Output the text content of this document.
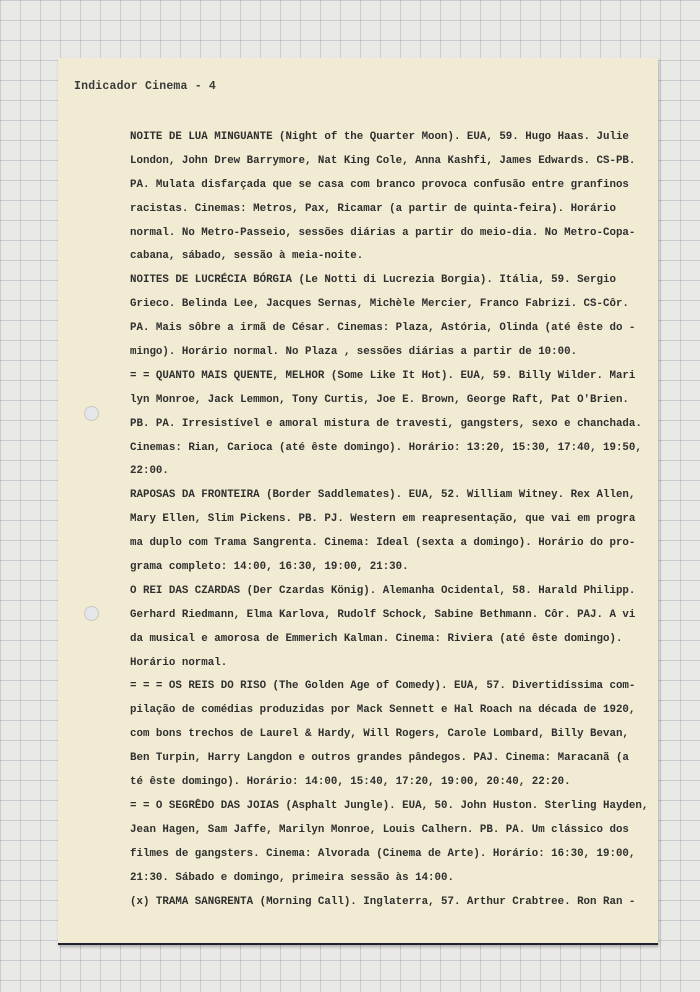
Indicador Cinema - 4
NOITE DE LUA MINGUANTE (Night of the Quarter Moon). EUA, 59. Hugo Haas. Julie
London, John Drew Barrymore, Nat King Cole, Anna Kashfi, James Edwards. CS-PB.
PA. Mulata disfarçada que se casa com branco provoca confusão entre granfinos
racistas. Cinemas: Metros, Pax, Ricamar (a partir de quinta-feira). Horário
normal. No Metro-Passeio, sessões diárias a partir do meio-dia. No Metro-Copa-
cabana, sábado, sessão à meia-noite.
NOITES DE LUCRÉCIA BÓRGIA (Le Notti di Lucrezia Borgia). Itália, 59. Sergio
Grieco. Belinda Lee, Jacques Sernas, Michèle Mercier, Franco Fabrizi. CS-Côr.
PA. Mais sôbre a irmã de César. Cinemas: Plaza, Astória, Olinda (até êste do -
mingo). Horário normal. No Plaza , sessões diárias a partir de 10:00.
= = QUANTO MAIS QUENTE, MELHOR (Some Like It Hot). EUA, 59. Billy Wilder. Mari
lyn Monroe, Jack Lemmon, Tony Curtis, Joe E. Brown, George Raft, Pat O'Brien.
PB. PA. Irresistível e amoral mistura de travesti, gangsters, sexo e chanchada.
Cinemas: Rian, Carioca (até êste domingo). Horário: 13:20, 15:30, 17:40, 19:50,
22:00.
RAPOSAS DA FRONTEIRA (Border Saddlemates). EUA, 52. William Witney. Rex Allen,
Mary Ellen, Slim Pickens. PB. PJ. Western em reapresentação, que vai em progra
ma duplo com Trama Sangrenta. Cinema: Ideal (sexta a domingo). Horário do pro-
grama completo: 14:00, 16:30, 19:00, 21:30.
O REI DAS CZARDAS (Der Czardas König). Alemanha Ocidental, 58. Harald Philipp.
Gerhard Riedmann, Elma Karlova, Rudolf Schock, Sabine Bethmann. Côr. PAJ. A vi
da musical e amorosa de Emmerich Kalman. Cinema: Riviera (até êste domingo).
Horário normal.
= = = OS REIS DO RISO (The Golden Age of Comedy). EUA, 57. Divertidíssima com-
pilação de comédias produzidas por Mack Sennett e Hal Roach na década de 1920,
com bons trechos de Laurel & Hardy, Will Rogers, Carole Lombard, Billy Bevan,
Ben Turpin, Harry Langdon e outros grandes pândegos. PAJ. Cinema: Maracanã (a
té êste domingo). Horário: 14:00, 15:40, 17:20, 19:00, 20:40, 22:20.
= = O SEGRÊDO DAS JOIAS (Asphalt Jungle). EUA, 50. John Huston. Sterling Hayden,
Jean Hagen, Sam Jaffe, Marilyn Monroe, Louis Calhern. PB. PA. Um clássico dos
filmes de gangsters. Cinema: Alvorada (Cinema de Arte). Horário: 16:30, 19:00,
21:30. Sábado e domingo, primeira sessão às 14:00.
(x) TRAMA SANGRENTA (Morning Call). Inglaterra, 57. Arthur Crabtree. Ron Ran -
